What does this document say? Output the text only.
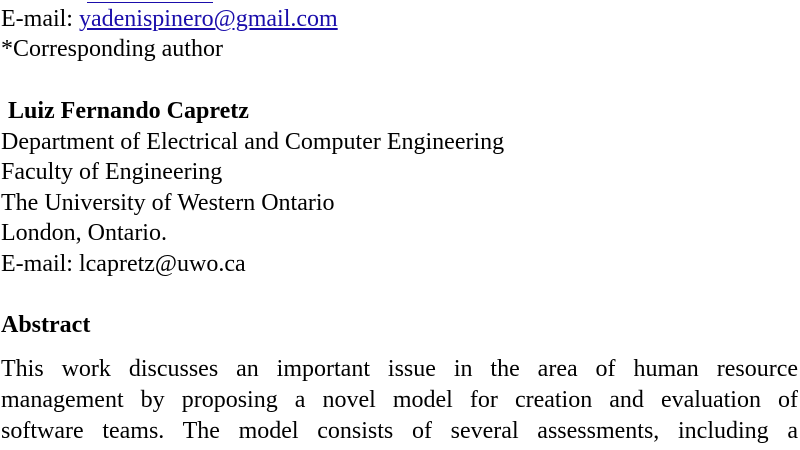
E-mail: yadenispinero@gmail.com
*Corresponding author
Luiz Fernando Capretz
Department of Electrical and Computer Engineering
Faculty of Engineering
The University of Western Ontario
London, Ontario.
E-mail: lcapretz@uwo.ca
Abstract
This work discusses an important issue in the area of human resource
management by proposing a novel model for creation and evaluation of
software teams. The model consists of several assessments, including a
